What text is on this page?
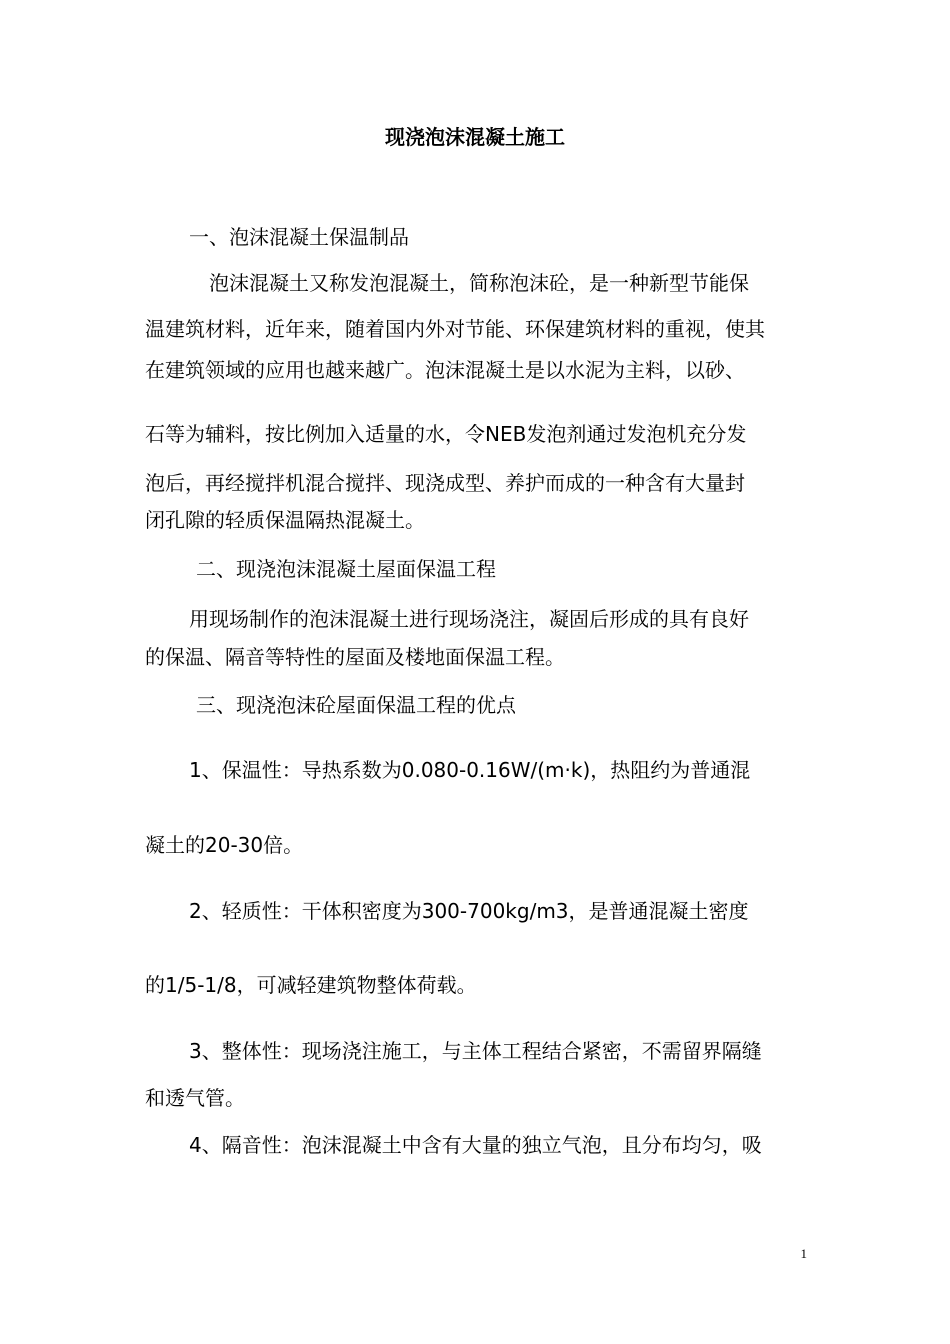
现浇泡沫混凝土施工
一、泡沫混凝土保温制品
泡沫混凝土又称发泡混凝土，简称泡沫砼，是一种新型节能保
温建筑材料，近年来，随着国内外对节能、环保建筑材料的重视，使其
在建筑领域的应用也越来越广。泡沫混凝土是以水泥为主料，以砂、
石等为辅料，按比例加入适量的水，令NEB发泡剂通过发泡机充分发
泡后，再经搅拌机混合搅拌、现浇成型、养护而成的一种含有大量封
闭孔隙的轻质保温隔热混凝土。
二、现浇泡沫混凝土屋面保温工程
用现场制作的泡沫混凝土进行现场浇注，凝固后形成的具有良好
的保温、隔音等特性的屋面及楼地面保温工程。
三、现浇泡沫砼屋面保温工程的优点
1、保温性：导热系数为0.080-0.16W/(m·k)，热阻约为普通混
凝土的20-30倍。
2、轻质性：干体积密度为300-700kg/m3，是普通混凝土密度
的1/5-1/8，可减轻建筑物整体荷载。
3、整体性：现场浇注施工，与主体工程结合紧密，不需留界隔缝
和透气管。
4、隔音性：泡沫混凝土中含有大量的独立气泡，且分布均匀，吸
1
